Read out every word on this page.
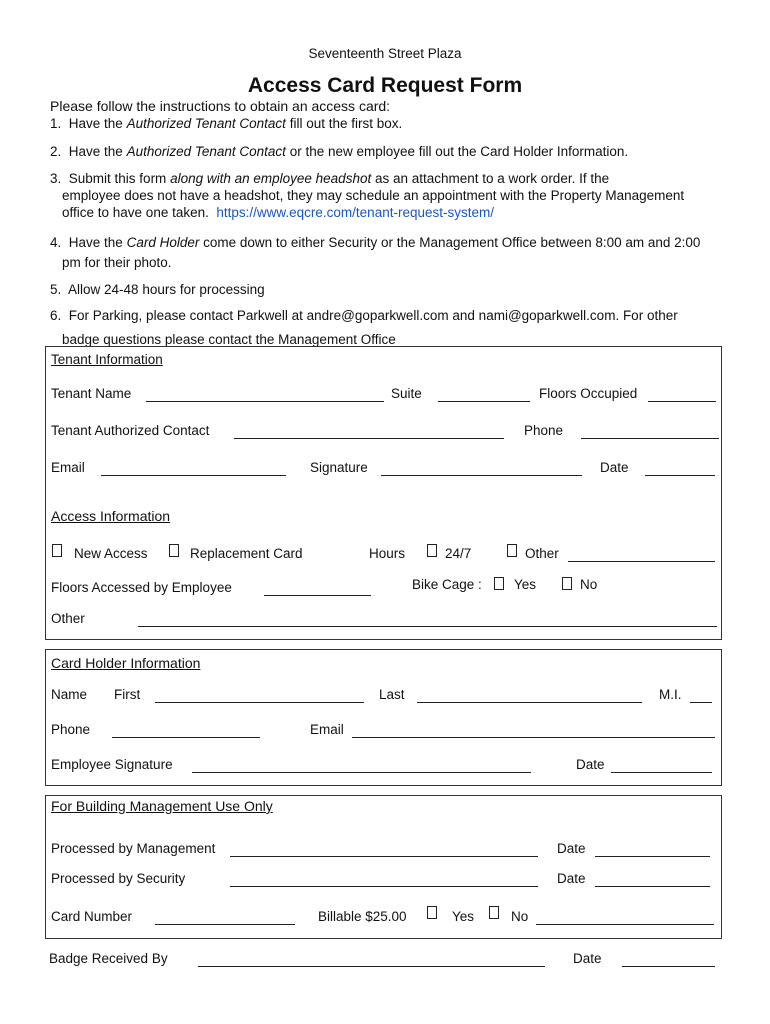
Seventeenth Street Plaza
Access Card Request Form
Please follow the instructions to obtain an access card:
1. Have the Authorized Tenant Contact fill out the first box.
2. Have the Authorized Tenant Contact or the new employee fill out the Card Holder Information.
3. Submit this form along with an employee headshot as an attachment to a work order. If the
employee does not have a headshot, they may schedule an appointment with the Property Management
office to have one taken. https://www.eqcre.com/tenant-request-system/
4. Have the Card Holder come down to either Security or the Management Office between 8:00 am and 2:00
pm for their photo.
5. Allow 24-48 hours for processing
6. For Parking, please contact Parkwell at andre@goparkwell.com and nami@goparkwell.com. For other
badge questions please contact the Management Office
Tenant Information
Tenant Name	Suite	Floors Occupied
Tenant Authorized Contact	Phone
Email	Signature	Date
Access Information
New Access	Replacement Card	Hours	24/7	Other
Floors Accessed by Employee	Bike Cage : Yes	No
Other
Card Holder Information
Name First	Last	M.I.
Phone	Email
Employee Signature	Date
For Building Management Use Only
Processed by Management	Date
Processed by Security	Date
Card Number	Billable $25.00	Yes	No
Badge Received By	Date
